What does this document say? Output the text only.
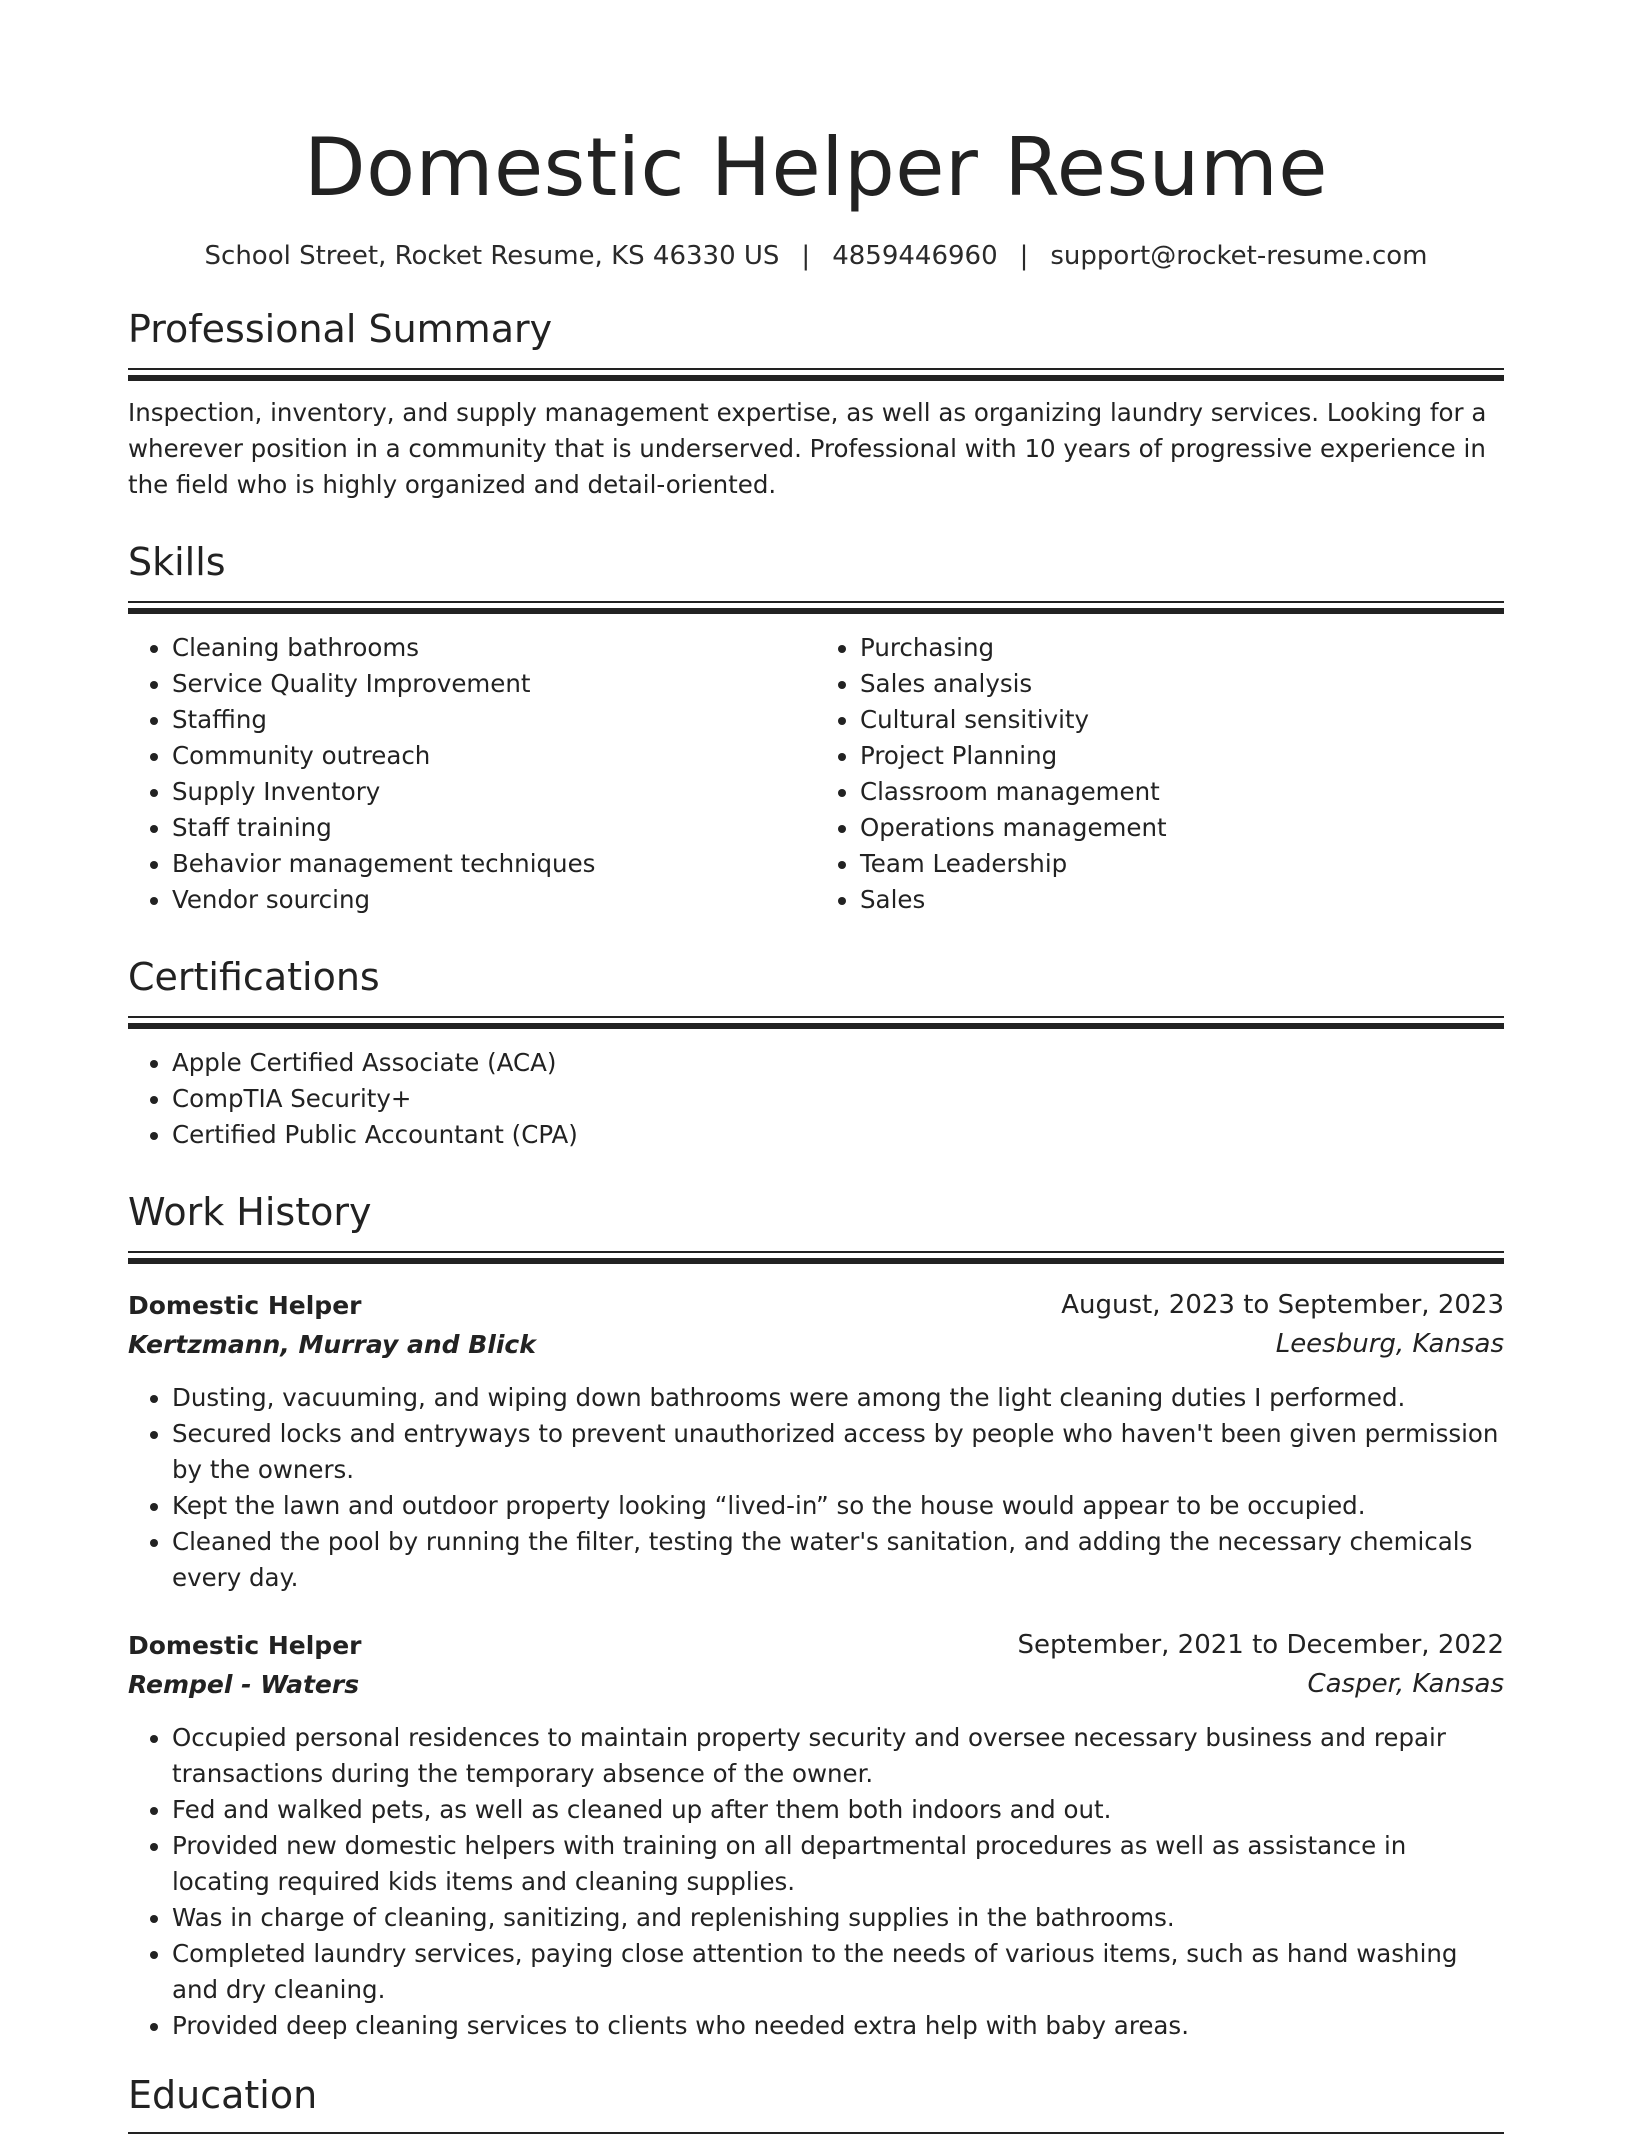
Domestic Helper Resume
School Street, Rocket Resume, KS 46330 US | 4859446960 | support@rocket-resume.com
Professional Summary
Inspection, inventory, and supply management expertise, as well as organizing laundry services. Looking for a wherever position in a community that is underserved. Professional with 10 years of progressive experience in the field who is highly organized and detail-oriented.
Skills
• Cleaning bathrooms
• Service Quality Improvement
• Staffing
• Community outreach
• Supply Inventory
• Staff training
• Behavior management techniques
• Vendor sourcing
• Purchasing
• Sales analysis
• Cultural sensitivity
• Project Planning
• Classroom management
• Operations management
• Team Leadership
• Sales
Certifications
• Apple Certified Associate (ACA)
• CompTIA Security+
• Certified Public Accountant (CPA)
Work History
Domestic Helper	August, 2023 to September, 2023
Kertzmann, Murray and Blick	Leesburg, Kansas
• Dusting, vacuuming, and wiping down bathrooms were among the light cleaning duties I performed.
• Secured locks and entryways to prevent unauthorized access by people who haven't been given permission by the owners.
• Kept the lawn and outdoor property looking “lived-in” so the house would appear to be occupied.
• Cleaned the pool by running the filter, testing the water's sanitation, and adding the necessary chemicals every day.
Domestic Helper	September, 2021 to December, 2022
Rempel - Waters	Casper, Kansas
• Occupied personal residences to maintain property security and oversee necessary business and repair transactions during the temporary absence of the owner.
• Fed and walked pets, as well as cleaned up after them both indoors and out.
• Provided new domestic helpers with training on all departmental procedures as well as assistance in locating required kids items and cleaning supplies.
• Was in charge of cleaning, sanitizing, and replenishing supplies in the bathrooms.
• Completed laundry services, paying close attention to the needs of various items, such as hand washing and dry cleaning.
• Provided deep cleaning services to clients who needed extra help with baby areas.
Education
